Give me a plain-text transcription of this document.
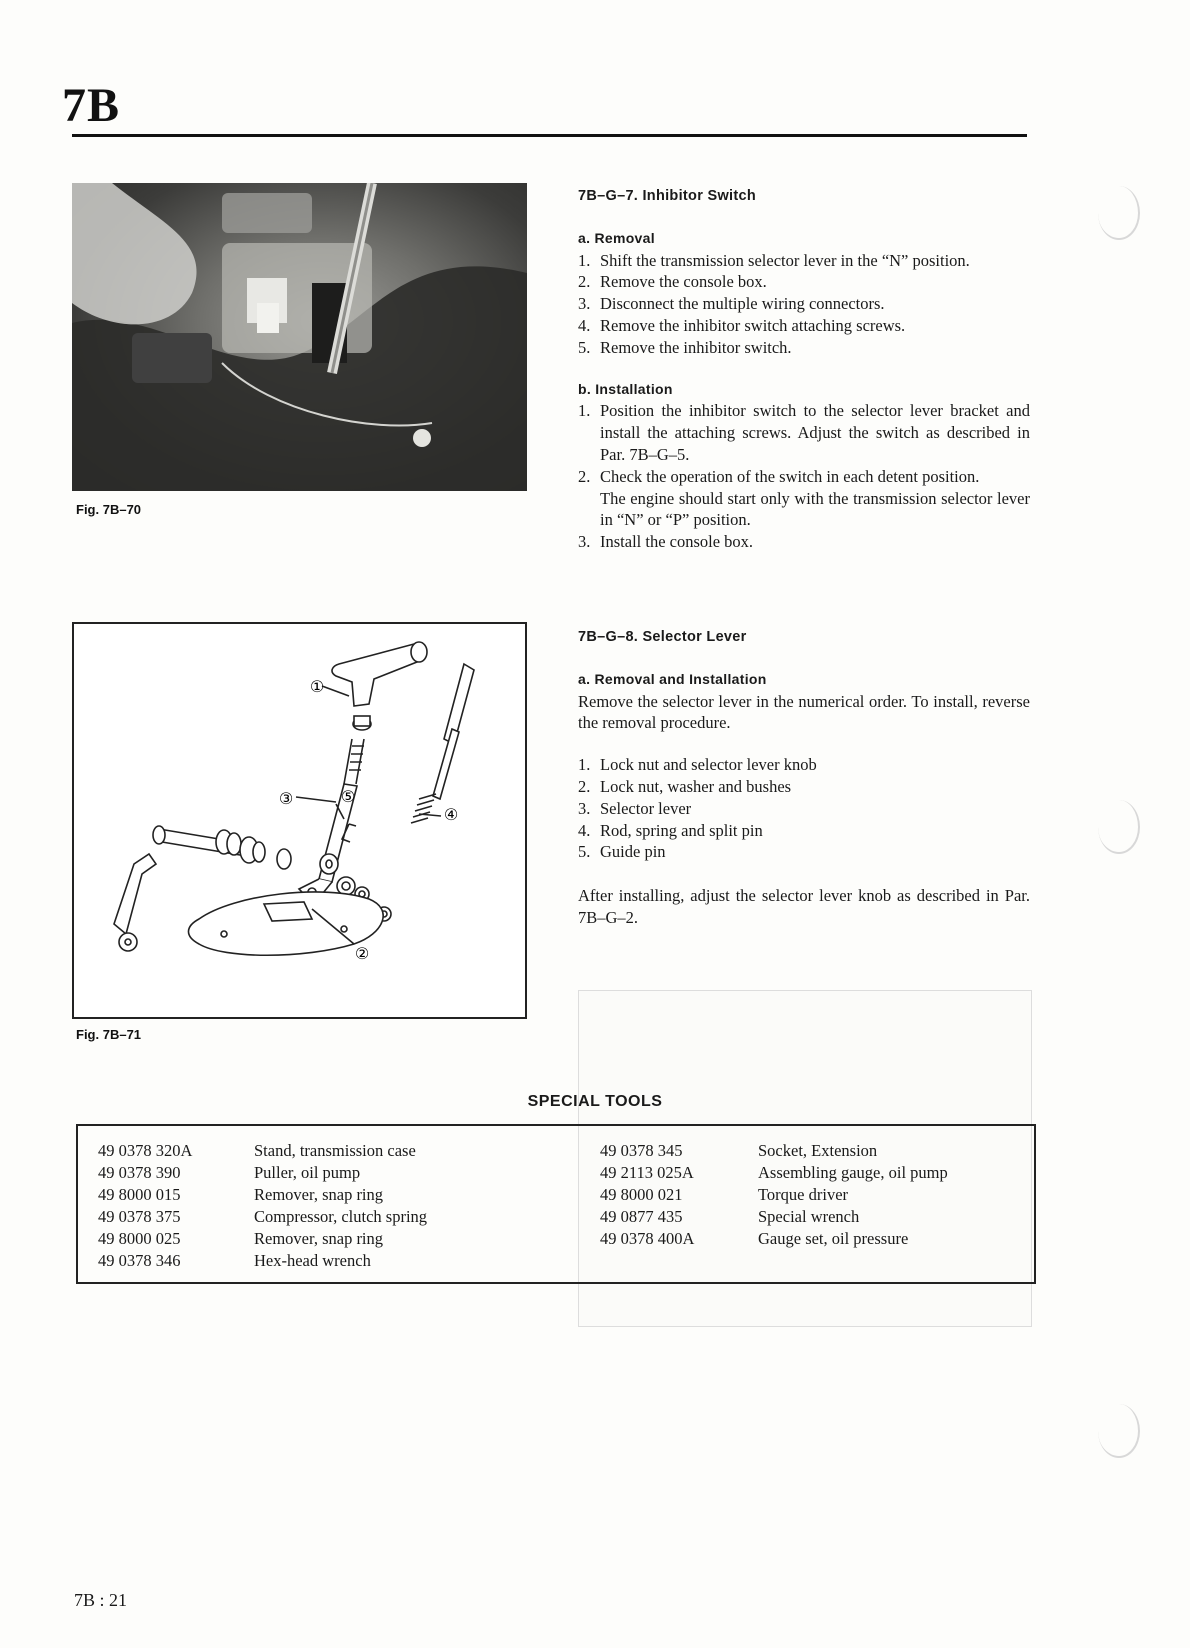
7B
Fig. 7B–70
①
②
③
④
⑤
Fig. 7B–71
7B–G–7. Inhibitor Switch
a. Removal
1. Shift the transmission selector lever in the “N” position.
2. Remove the console box.
3. Disconnect the multiple wiring connectors.
4. Remove the inhibitor switch attaching screws.
5. Remove the inhibitor switch.
b. Installation
1. Position the inhibitor switch to the selector lever bracket and install the attaching screws. Adjust the switch as described in Par. 7B–G–5.
2. Check the operation of the switch in each detent position.
The engine should start only with the transmission selector lever in “N” or “P” position.
3. Install the console box.
7B–G–8. Selector Lever
a. Removal and Installation
Remove the selector lever in the numerical order. To install, reverse the removal procedure.
1. Lock nut and selector lever knob
2. Lock nut, washer and bushes
3. Selector lever
4. Rod, spring and split pin
5. Guide pin
After installing, adjust the selector lever knob as described in Par. 7B–G–2.
SPECIAL TOOLS
49 0378 320A	Stand, transmission case
49 0378 390	Puller, oil pump
49 8000 015	Remover, snap ring
49 0378 375	Compressor, clutch spring
49 8000 025	Remover, snap ring
49 0378 346	Hex-head wrench
49 0378 345	Socket, Extension
49 2113 025A	Assembling gauge, oil pump
49 8000 021	Torque driver
49 0877 435	Special wrench
49 0378 400A	Gauge set, oil pressure
7B : 21
